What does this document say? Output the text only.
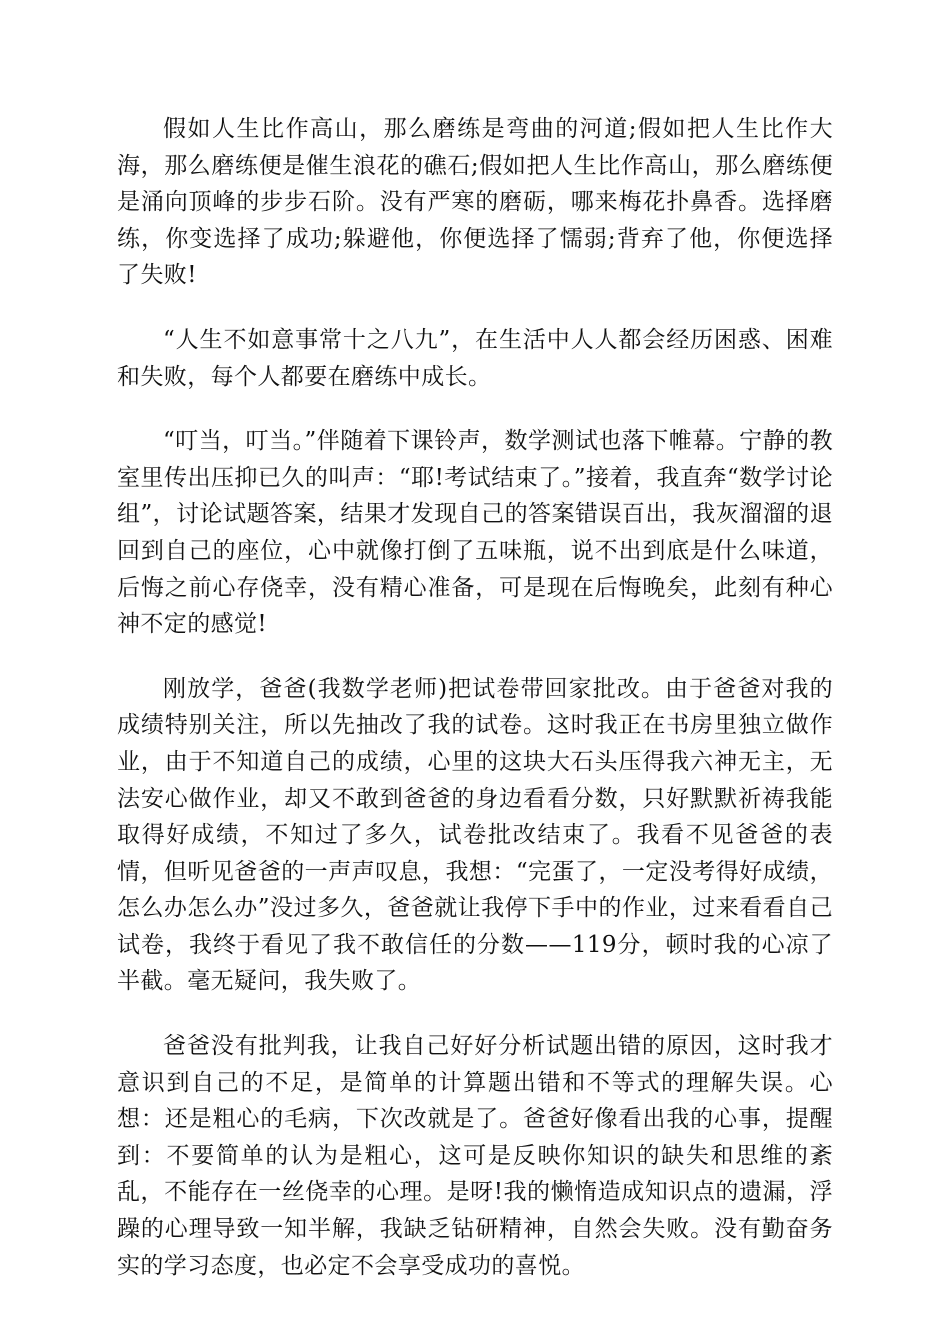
假如人生比作高山，那么磨练是弯曲的河道;假如把人生比作大海，那么磨练便是催生浪花的礁石;假如把人生比作高山，那么磨练便是涌向顶峰的步步石阶。没有严寒的磨砺，哪来梅花扑鼻香。选择磨练，你变选择了成功;躲避他，你便选择了懦弱;背弃了他，你便选择了失败!

“人生不如意事常十之八九”，在生活中人人都会经历困惑、困难和失败，每个人都要在磨练中成长。

“叮当，叮当。”伴随着下课铃声，数学测试也落下帷幕。宁静的教室里传出压抑已久的叫声：“耶!考试结束了。”接着，我直奔“数学讨论组”，讨论试题答案，结果才发现自己的答案错误百出，我灰溜溜的退回到自己的座位，心中就像打倒了五味瓶，说不出到底是什么味道，后悔之前心存侥幸，没有精心准备，可是现在后悔晚矣，此刻有种心神不定的感觉!

刚放学，爸爸(我数学老师)把试卷带回家批改。由于爸爸对我的成绩特别关注，所以先抽改了我的试卷。这时我正在书房里独立做作业，由于不知道自己的成绩，心里的这块大石头压得我六神无主，无法安心做作业，却又不敢到爸爸的身边看看分数，只好默默祈祷我能取得好成绩，不知过了多久，试卷批改结束了。我看不见爸爸的表情，但听见爸爸的一声声叹息，我想：“完蛋了，一定没考得好成绩，怎么办怎么办”没过多久，爸爸就让我停下手中的作业，过来看看自己试卷，我终于看见了我不敢信任的分数——119分，顿时我的心凉了半截。毫无疑问，我失败了。

爸爸没有批判我，让我自己好好分析试题出错的原因，这时我才意识到自己的不足，是简单的计算题出错和不等式的理解失误。心想：还是粗心的毛病，下次改就是了。爸爸好像看出我的心事，提醒到：不要简单的认为是粗心，这可是反映你知识的缺失和思维的紊乱，不能存在一丝侥幸的心理。是呀!我的懒惰造成知识点的遗漏，浮躁的心理导致一知半解，我缺乏钻研精神，自然会失败。没有勤奋务实的学习态度，也必定不会享受成功的喜悦。
